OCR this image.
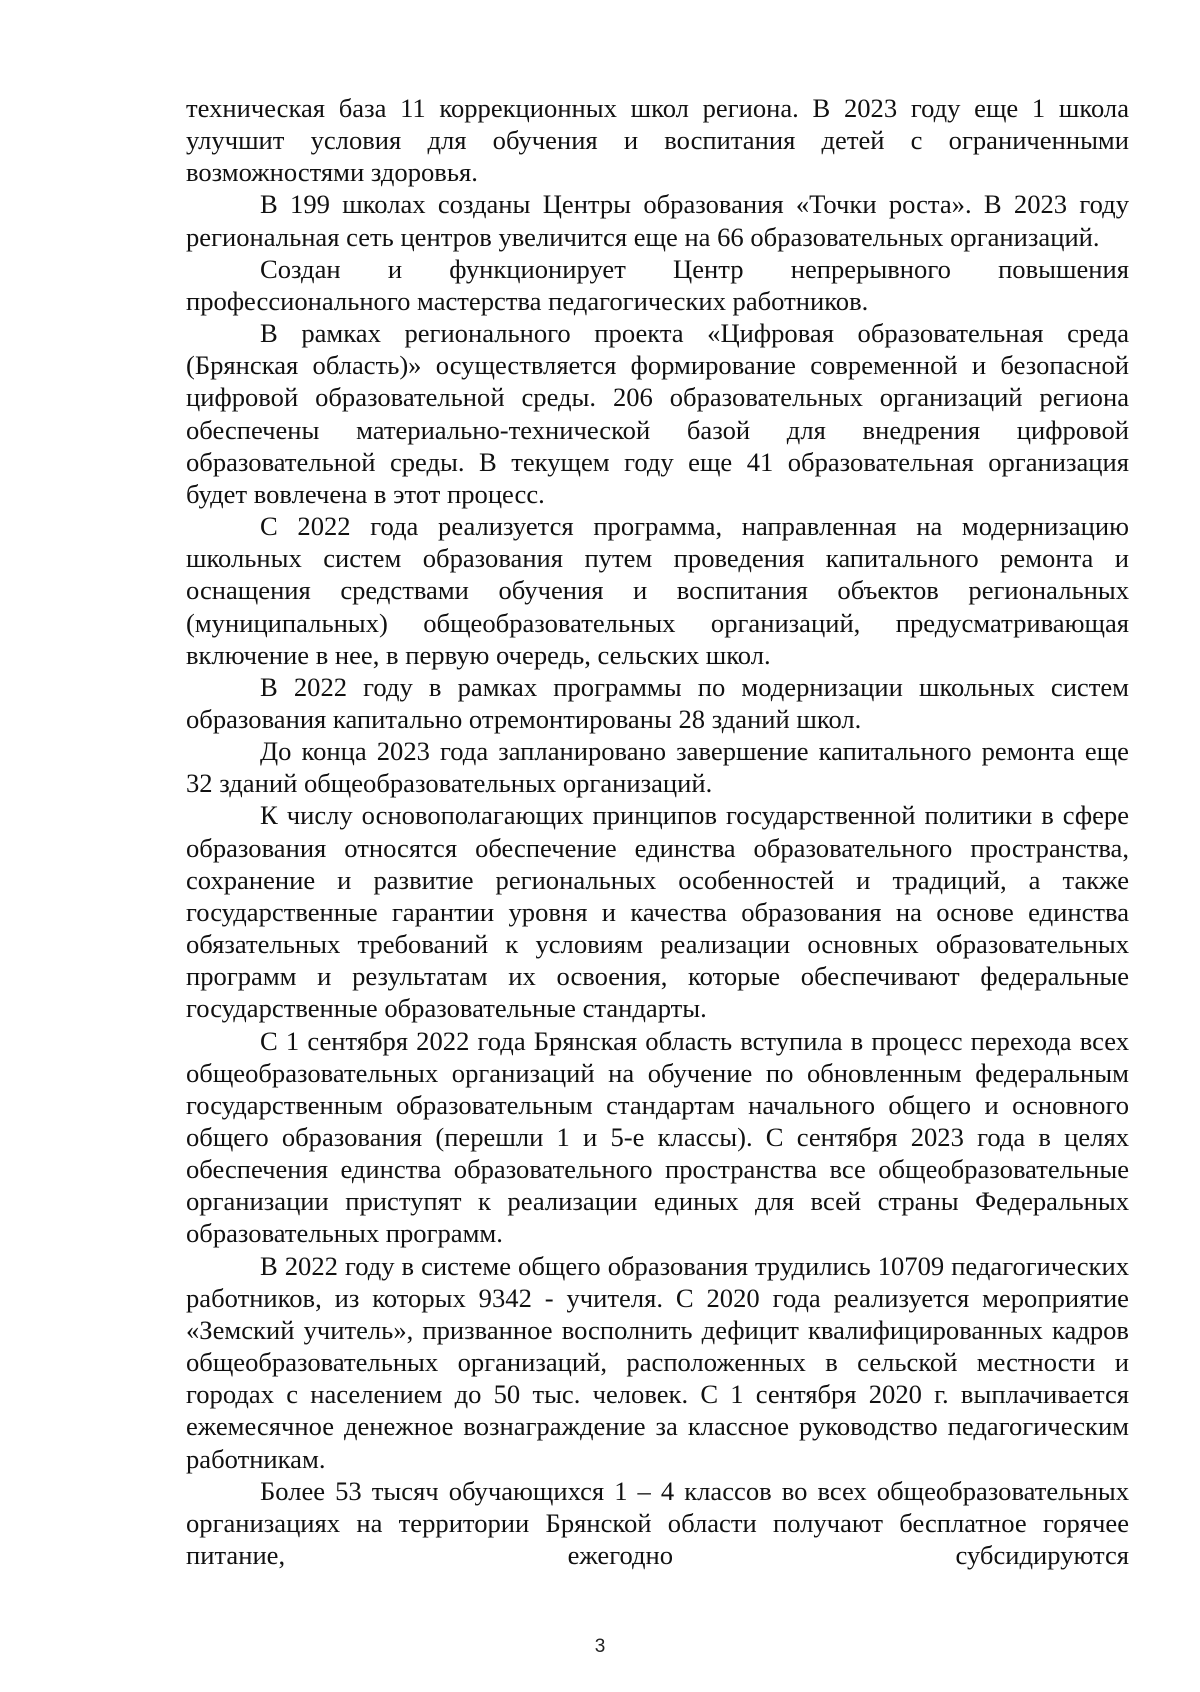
техническая база 11 коррекционных школ региона. В 2023 году еще 1 школа улучшит условия для обучения и воспитания детей с ограниченными возможностями здоровья.

В 199 школах созданы Центры образования «Точки роста». В 2023 году региональная сеть центров увеличится еще на 66 образовательных организаций.

Создан и функционирует Центр непрерывного повышения профессионального мастерства педагогических работников.

В рамках регионального проекта «Цифровая образовательная среда (Брянская область)» осуществляется формирование современной и безопасной цифровой образовательной среды. 206 образовательных организаций региона обеспечены материально-технической базой для внедрения цифровой образовательной среды. В текущем году еще 41 образовательная организация будет вовлечена в этот процесс.

С 2022 года реализуется программа, направленная на модернизацию школьных систем образования путем проведения капитального ремонта и оснащения средствами обучения и воспитания объектов региональных (муниципальных) общеобразовательных организаций, предусматривающая включение в нее, в первую очередь, сельских школ.

В 2022 году в рамках программы по модернизации школьных систем образования капитально отремонтированы 28 зданий школ.

До конца 2023 года запланировано завершение капитального ремонта еще 32 зданий общеобразовательных организаций.

К числу основополагающих принципов государственной политики в сфере образования относятся обеспечение единства образовательного пространства, сохранение и развитие региональных особенностей и традиций, а также государственные гарантии уровня и качества образования на основе единства обязательных требований к условиям реализации основных образовательных программ и результатам их освоения, которые обеспечивают федеральные государственные образовательные стандарты.

С 1 сентября 2022 года Брянская область вступила в процесс перехода всех общеобразовательных организаций на обучение по обновленным федеральным государственным образовательным стандартам начального общего и основного общего образования (перешли 1 и 5-е классы). С сентября 2023 года в целях обеспечения единства образовательного пространства все общеобразовательные организации приступят к реализации единых для всей страны Федеральных образовательных программ.

В 2022 году в системе общего образования трудились 10709 педагогических работников, из которых 9342 - учителя. С 2020 года реализуется мероприятие «Земский учитель», призванное восполнить дефицит квалифицированных кадров общеобразовательных организаций, расположенных в сельской местности и городах с населением до 50 тыс. человек. С 1 сентября 2020 г. выплачивается ежемесячное денежное вознаграждение за классное руководство педагогическим работникам.

Более 53 тысяч обучающихся 1 – 4 классов во всех общеобразовательных организациях на территории Брянской области получают бесплатное горячее питание, ежегодно субсидируются

3
